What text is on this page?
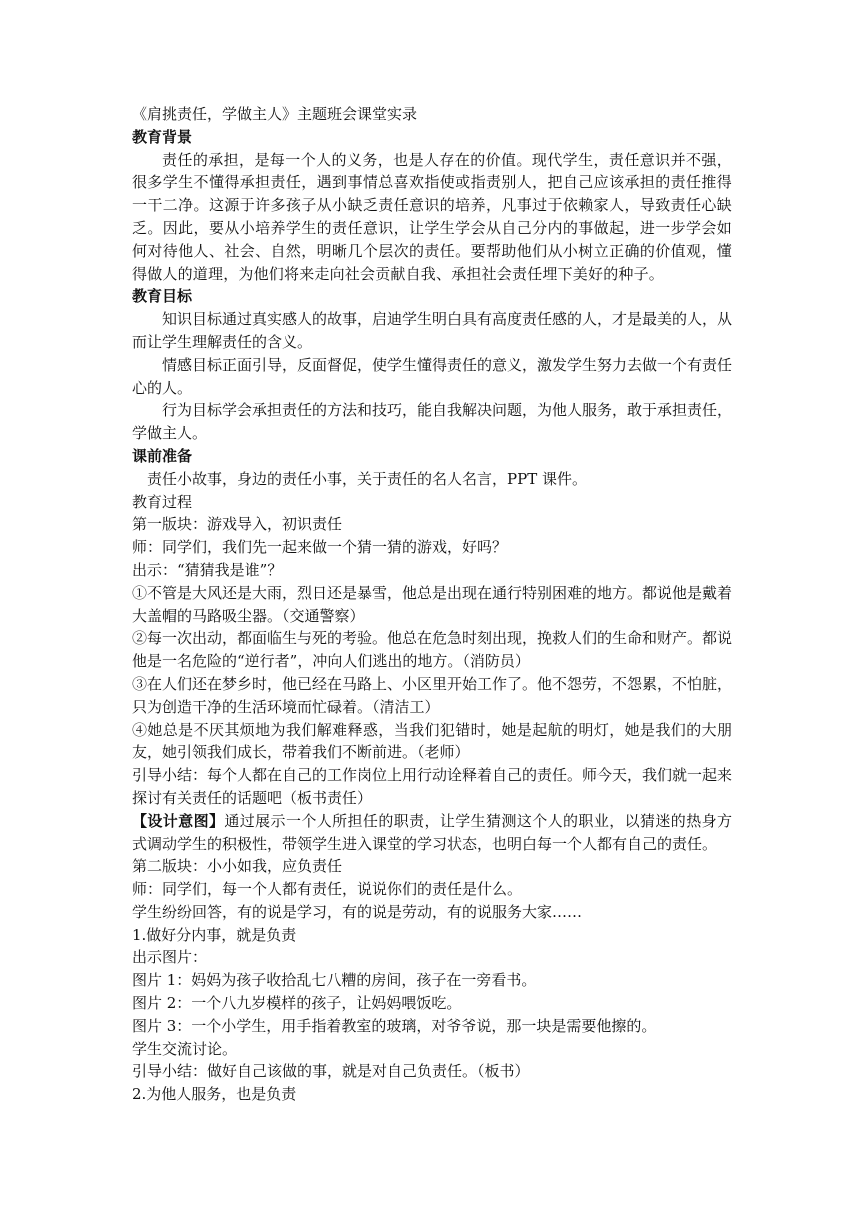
《肩挑责任，学做主人》主题班会课堂实录

教育背景

责任的承担，是每一个人的义务，也是人存在的价值。现代学生，责任意识并不强，很多学生不懂得承担责任，遇到事情总喜欢指使或指责别人，把自己应该承担的责任推得一干二净。这源于许多孩子从小缺乏责任意识的培养，凡事过于依赖家人，导致责任心缺乏。因此，要从小培养学生的责任意识，让学生学会从自己分内的事做起，进一步学会如何对待他人、社会、自然，明晰几个层次的责任。要帮助他们从小树立正确的价值观，懂得做人的道理，为他们将来走向社会贡献自我、承担社会责任埋下美好的种子。

教育目标

知识目标通过真实感人的故事，启迪学生明白具有高度责任感的人，才是最美的人，从而让学生理解责任的含义。

情感目标正面引导，反面督促，使学生懂得责任的意义，激发学生努力去做一个有责任心的人。

行为目标学会承担责任的方法和技巧，能自我解决问题，为他人服务，敢于承担责任，学做主人。

课前准备

责任小故事，身边的责任小事，关于责任的名人名言，PPT 课件。

教育过程

第一版块：游戏导入，初识责任

师：同学们，我们先一起来做一个猜一猜的游戏，好吗？

出示：“猜猜我是谁”？

①不管是大风还是大雨，烈日还是暴雪，他总是出现在通行特别困难的地方。都说他是戴着大盖帽的马路吸尘器。（交通警察）

②每一次出动，都面临生与死的考验。他总在危急时刻出现，挽救人们的生命和财产。都说他是一名危险的“逆行者”，冲向人们逃出的地方。（消防员）

③在人们还在梦乡时，他已经在马路上、小区里开始工作了。他不怨劳，不怨累，不怕脏，只为创造干净的生活环境而忙碌着。（清洁工）

④她总是不厌其烦地为我们解难释惑，当我们犯错时，她是起航的明灯，她是我们的大朋友，她引领我们成长，带着我们不断前进。（老师）

引导小结：每个人都在自己的工作岗位上用行动诠释着自己的责任。师今天，我们就一起来探讨有关责任的话题吧（板书责任）

【设计意图】通过展示一个人所担任的职责，让学生猜测这个人的职业，以猜迷的热身方式调动学生的积极性，带领学生进入课堂的学习状态，也明白每一个人都有自己的责任。

第二版块：小小如我，应负责任

师：同学们，每一个人都有责任，说说你们的责任是什么。

学生纷纷回答，有的说是学习，有的说是劳动，有的说服务大家……

1.做好分内事，就是负责

出示图片：

图片 1：妈妈为孩子收拾乱七八糟的房间，孩子在一旁看书。

图片 2：一个八九岁模样的孩子，让妈妈喂饭吃。

图片 3：一个小学生，用手指着教室的玻璃，对爷爷说，那一块是需要他擦的。

学生交流讨论。

引导小结：做好自己该做的事，就是对自己负责任。（板书）

2.为他人服务，也是负责
